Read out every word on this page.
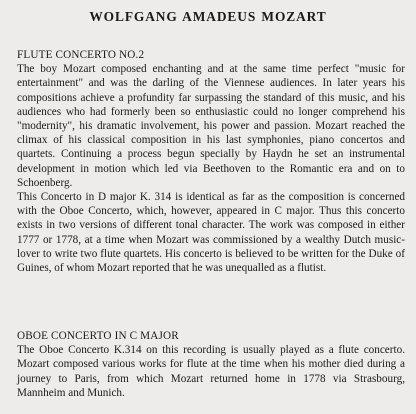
WOLFGANG AMADEUS MOZART
FLUTE CONCERTO NO.2

The boy Mozart composed enchanting and at the same time perfect "music for entertainment" and was the darling of the Viennese audiences. In later years his compositions achieve a profundity far surpassing the standard of this music, and his audiences who had formerly been so enthusiastic could no longer comprehend his "modernity", his dramatic involvement, his power and passion. Mozart reached the climax of his classical composition in his last symphonies, piano concertos and quartets. Continuing a process begun specially by Haydn he set an instrumental development in motion which led via Beethoven to the Romantic era and on to Schoenberg.

This Concerto in D major K. 314 is identical as far as the composition is concerned with the Oboe Concerto, which, however, appeared in C major. Thus this concerto exists in two versions of different tonal character. The work was composed in either 1777 or 1778, at a time when Mozart was commissioned by a wealthy Dutch music-lover to write two flute quartets. His concerto is believed to be written for the Duke of Guines, of whom Mozart reported that he was unequalled as a flutist.

OBOE CONCERTO IN C MAJOR

The Oboe Concerto K.314 on this recording is usually played as a flute concerto. Mozart composed various works for flute at the time when his mother died during a journey to Paris, from which Mozart returned home in 1778 via Strasbourg, Mannheim and Munich.
